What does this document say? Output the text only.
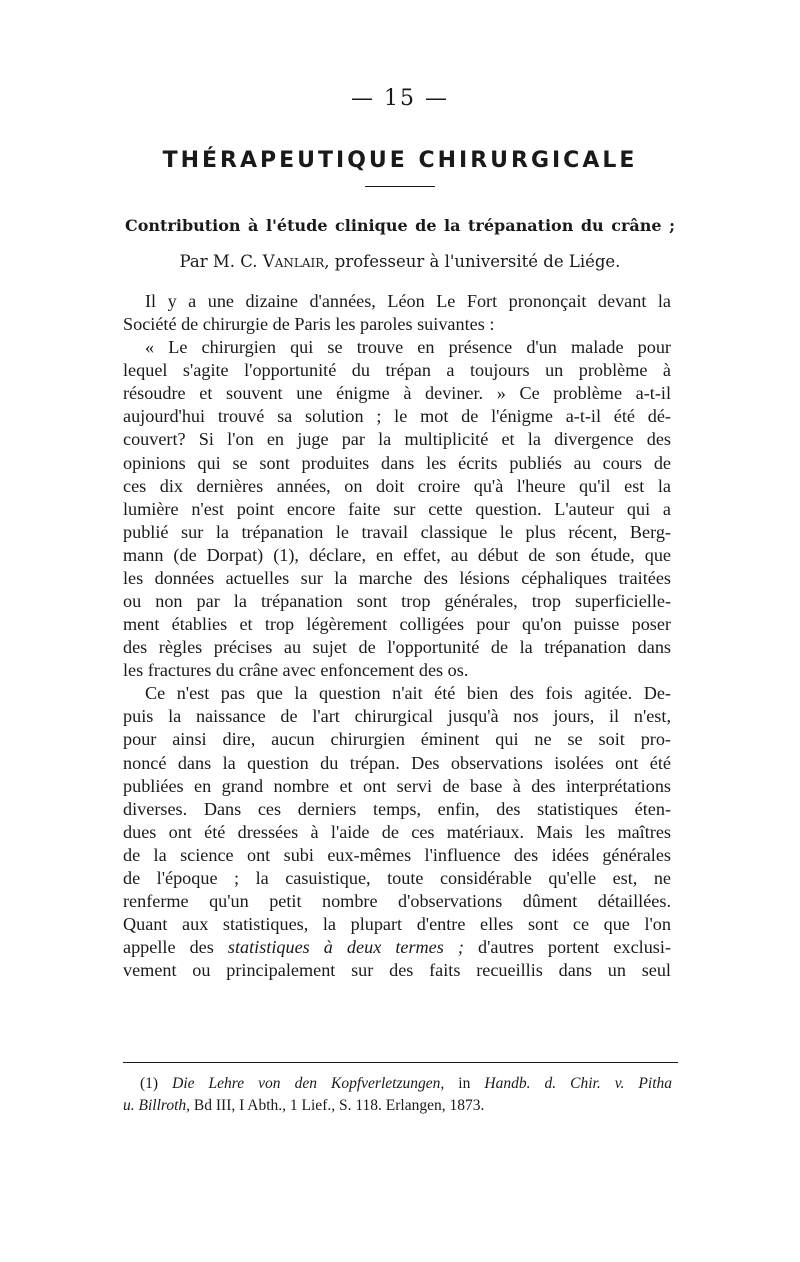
— 15 —
THÉRAPEUTIQUE CHIRURGICALE
Contribution à l'étude clinique de la trépanation du crâne ;
Par M. C. Vanlair, professeur à l'université de Liége.
Il y a une dizaine d'années, Léon Le Fort prononçait devant la
Société de chirurgie de Paris les paroles suivantes :
« Le chirurgien qui se trouve en présence d'un malade pour
lequel s'agite l'opportunité du trépan a toujours un problème à
résoudre et souvent une énigme à deviner. » Ce problème a-t-il
aujourd'hui trouvé sa solution ; le mot de l'énigme a-t-il été dé-
couvert? Si l'on en juge par la multiplicité et la divergence des
opinions qui se sont produites dans les écrits publiés au cours de
ces dix dernières années, on doit croire qu'à l'heure qu'il est la
lumière n'est point encore faite sur cette question. L'auteur qui a
publié sur la trépanation le travail classique le plus récent, Berg-
mann (de Dorpat) (1), déclare, en effet, au début de son étude, que
les données actuelles sur la marche des lésions céphaliques traitées
ou non par la trépanation sont trop générales, trop superficielle-
ment établies et trop légèrement colligées pour qu'on puisse poser
des règles précises au sujet de l'opportunité de la trépanation dans
les fractures du crâne avec enfoncement des os.
Ce n'est pas que la question n'ait été bien des fois agitée. De-
puis la naissance de l'art chirurgical jusqu'à nos jours, il n'est,
pour ainsi dire, aucun chirurgien éminent qui ne se soit pro-
noncé dans la question du trépan. Des observations isolées ont été
publiées en grand nombre et ont servi de base à des interprétations
diverses. Dans ces derniers temps, enfin, des statistiques éten-
dues ont été dressées à l'aide de ces matériaux. Mais les maîtres
de la science ont subi eux-mêmes l'influence des idées générales
de l'époque ; la casuistique, toute considérable qu'elle est, ne
renferme qu'un petit nombre d'observations dûment détaillées.
Quant aux statistiques, la plupart d'entre elles sont ce que l'on
appelle des statistiques à deux termes ; d'autres portent exclusi-
vement ou principalement sur des faits recueillis dans un seul
(1) Die Lehre von den Kopfverletzungen, in Handb. d. Chir. v. Pitha
u. Billroth, Bd III, I Abth., 1 Lief., S. 118. Erlangen, 1873.
